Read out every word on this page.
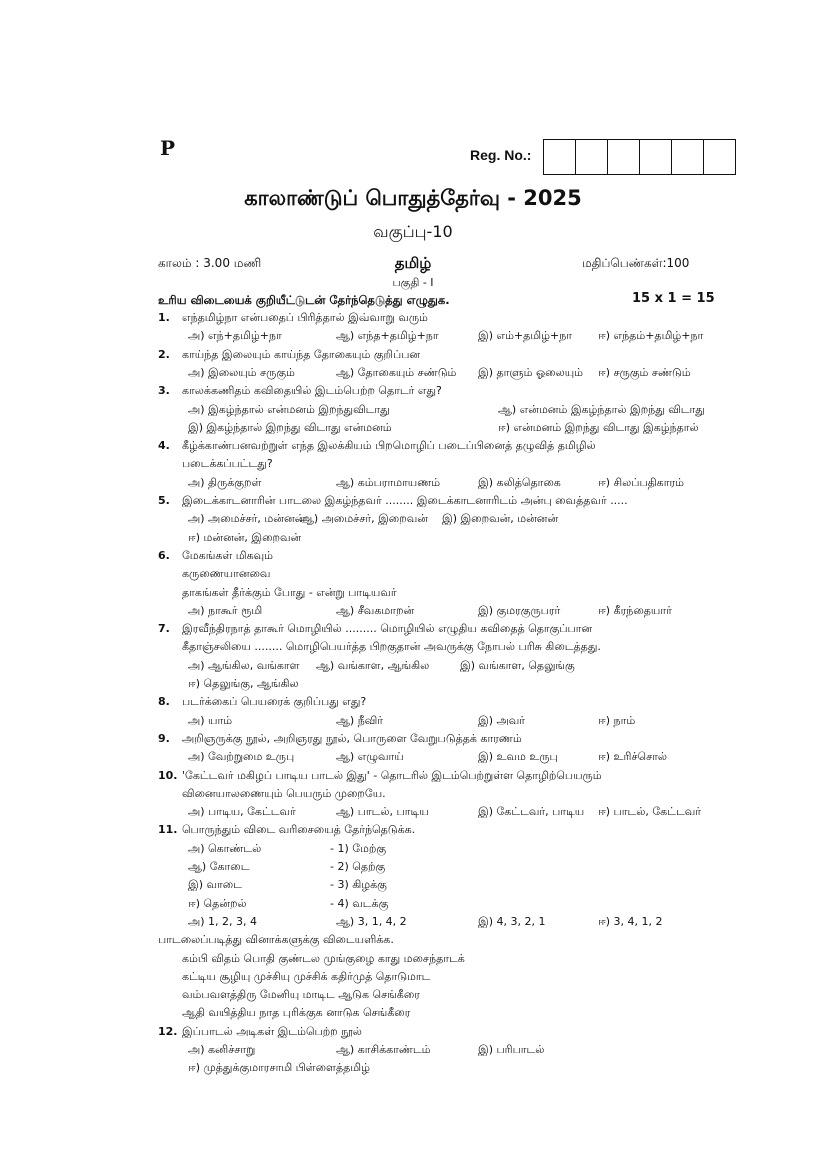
P	Reg. No.:
காலாண்டுப் பொதுத்தேர்வு - 2025
வகுப்பு-10
காலம் : 3.00 மணி	தமிழ்	மதிப்பெண்கள்:100
பகுதி - I
உரிய விடையைக் குறியீட்டுடன் தேர்ந்தெடுத்து எழுதுக.	15 x 1 = 15
1. எந்தமிழ்நா என்பதைப் பிரித்தால் இவ்வாறு வரும்
அ) எந்+தமிழ்+நா	ஆ) எந்த+தமிழ்+நா	இ) எம்+தமிழ்+நா ஈ) எந்தம்+தமிழ்+நா
2. காய்ந்த இலையும் காய்ந்த தோகையும் குறிப்பன
அ) இலையும் சருகும்	ஆ) தோகையும் சண்டும் இ) தாளும் ஓலையும் ஈ) சருகும் சண்டும்
3. காலக்கணிதம் கவிதையில் இடம்பெற்ற தொடர் எது?
அ) இகழ்ந்தால் என்மனம் இறந்துவிடாது	ஆ) என்மனம் இகழ்ந்தால் இறந்து விடாது
இ) இகழ்ந்தால் இறந்து விடாது என்மனம்	ஈ) என்மனம் இறந்து விடாது இகழ்ந்தால்
4. கீழ்க்காண்பனவற்றுள் எந்த இலக்கியம் பிறமொழிப் படைப்பினைத் தழுவித் தமிழில்
படைக்கப்பட்டது?
அ) திருக்குறள்	ஆ) கம்பராமாயணம்	இ) கலித்தொகை	ஈ) சிலப்பதிகாரம்
5. இடைக்காடனாரின் பாடலை இகழ்ந்தவர் ........ இடைக்காடனாரிடம் அன்பு வைத்தவர் .....
அ) அமைச்சர், மன்னன்
ஆ) அமைச்சர், இறைவன் இ) இறைவன், மன்னன்
ஈ) மன்னன், இறைவன்
6. மேகங்கள் மிகவும்
கருணையானவை
தாகங்கள் தீர்க்கும் போது - என்று பாடியவர்
அ) நாகூர் ரூமி	ஆ) சீவகமாறன்	இ) குமரகுருபரர்	ஈ) கீரந்தையார்
7. இரவீந்திரநாத் தாகூர் மொழியில் ......... மொழியில் எழுதிய கவிதைத் தொகுப்பான
கீதாஞ்சலியை ........ மொழிபெயர்த்த பிறகுதான் அவருக்கு நோபல் பரிசு கிடைத்தது.
அ) ஆங்கில, வங்காள ஆ) வங்காள, ஆங்கில	இ) வங்காள, தெலுங்கு
ஈ) தெலுங்கு, ஆங்கில
8. படர்க்கைப் பெயரைக் குறிப்பது எது?
அ) யாம்	ஆ) நீவிர்	இ) அவர்	ஈ) நாம்
9. அறிஞருக்கு நூல், அறிஞரது நூல், பொருளை வேறுபடுத்தக் காரணம்
அ) வேற்றுமை உருபு	ஆ) எழுவாய்	இ) உவம உருபு	ஈ) உரிச்சொல்
10. 'கேட்டவர் மகிழப் பாடிய பாடல் இது' - தொடரில் இடம்பெற்றுள்ள தொழிற்பெயரும்
வினையாலணையும் பெயரும் முறையே.
அ) பாடிய, கேட்டவர்	ஆ) பாடல், பாடிய	இ) கேட்டவர், பாடிய ஈ) பாடல், கேட்டவர்
11. பொருந்தும் விடை வரிசையைத் தேர்ந்தெடுக்க.
அ) கொண்டல்	- 1) மேற்கு
ஆ) கோடை	- 2) தெற்கு
இ) வாடை	- 3) கிழக்கு
ஈ) தென்றல்	- 4) வடக்கு
அ) 1, 2, 3, 4	ஆ) 3, 1, 4, 2	இ) 4, 3, 2, 1	ஈ) 3, 4, 1, 2
பாடலைப்படித்து வினாக்களுக்கு விடையளிக்க.
கம்பி விதம் பொதி குண்டல முங்குழை காது மசைந்தாடக்
கட்டிய சூழியு முச்சியு முச்சிக் கதிர்முத் தொடுமாட
வம்பவளத்திரு மேனியு மாடிட ஆடுக செங்கீரை
ஆதி வயித்திய நாத புரிக்குக னாடுக செங்கீரை
12. இப்பாடல் அடிகள் இடம்பெற்ற நூல்
அ) கனிச்சாறு	ஆ) காசிக்காண்டம்	இ) பரிபாடல்
ஈ) முத்துக்குமாரசாமி பிள்ளைத்தமிழ்
